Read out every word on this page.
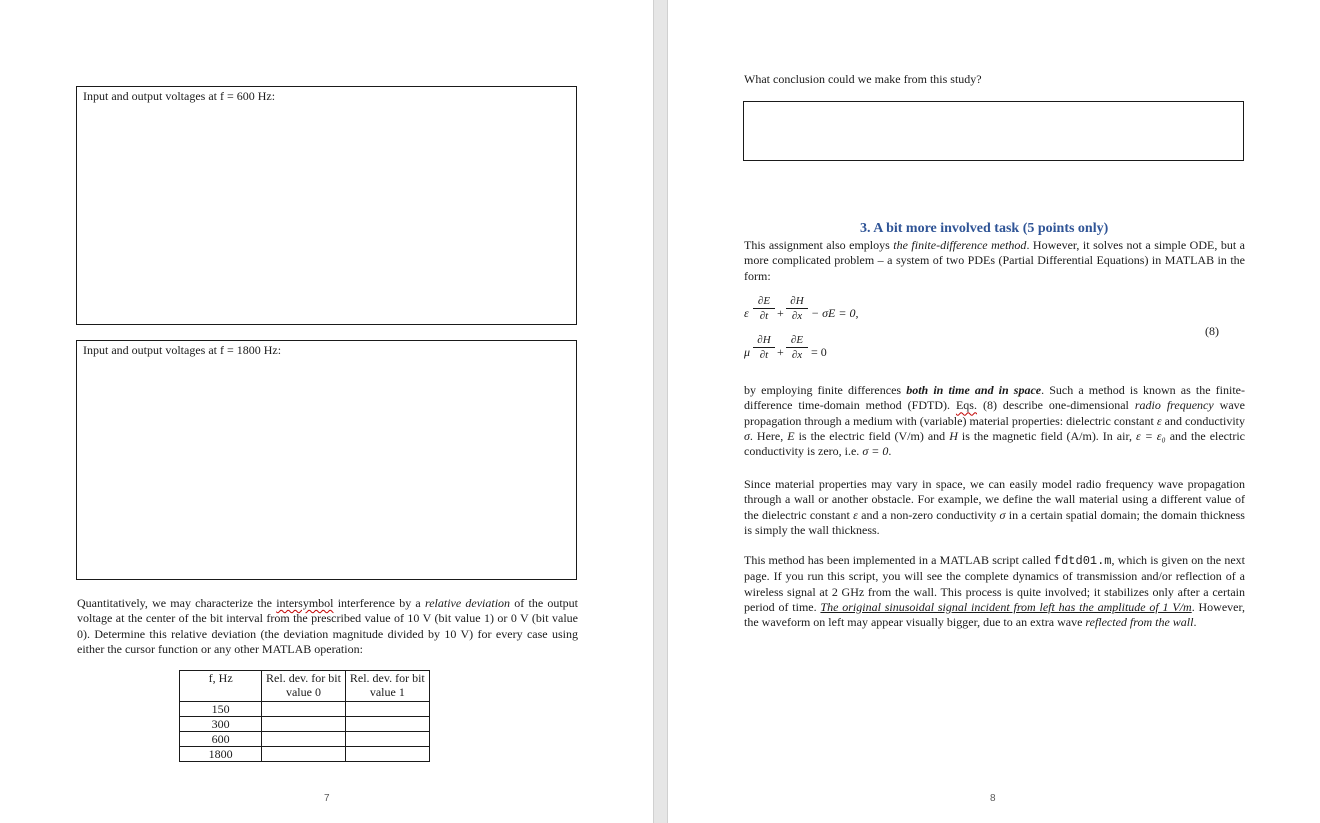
Input and output voltages at f = 600 Hz:
Input and output voltages at f = 1800 Hz:
Quantitatively, we may characterize the intersymbol interference by a relative deviation of the output voltage at the center of the bit interval from the prescribed value of 10 V (bit value 1) or 0 V (bit value 0). Determine this relative deviation (the deviation magnitude divided by 10 V) for every case using either the cursor function or any other MATLAB operation:
f, Hz	Rel. dev. for bit value 0	Rel. dev. for bit value 1
150		
300		
600		
1800		
7
What conclusion could we make from this study?
3. A bit more involved task (5 points only)
This assignment also employs the finite-difference method. However, it solves not a simple ODE, but a more complicated problem – a system of two PDEs (Partial Differential Equations) in MATLAB in the form:
ε
∂E
∂t +
∂H
∂x − σE = 0,
μ
∂H
∂t +
∂E
∂x = 0
(8)
by employing finite differences both in time and in space. Such a method is known as the finite-difference time-domain method (FDTD). Eqs. (8) describe one-dimensional radio frequency wave propagation through a medium with (variable) material properties: dielectric constant ε and conductivity σ. Here, E is the electric field (V/m) and H is the magnetic field (A/m). In air, ε = ε₀ and the electric conductivity is zero, i.e. σ = 0.
Since material properties may vary in space, we can easily model radio frequency wave propagation through a wall or another obstacle. For example, we define the wall material using a different value of the dielectric constant ε and a non-zero conductivity σ in a certain spatial domain; the domain thickness is simply the wall thickness.
This method has been implemented in a MATLAB script called fdtd01.m, which is given on the next page. If you run this script, you will see the complete dynamics of transmission and/or reflection of a wireless signal at 2 GHz from the wall. This process is quite involved; it stabilizes only after a certain period of time. The original sinusoidal signal incident from left has the amplitude of 1 V/m. However, the waveform on left may appear visually bigger, due to an extra wave reflected from the wall.
8
